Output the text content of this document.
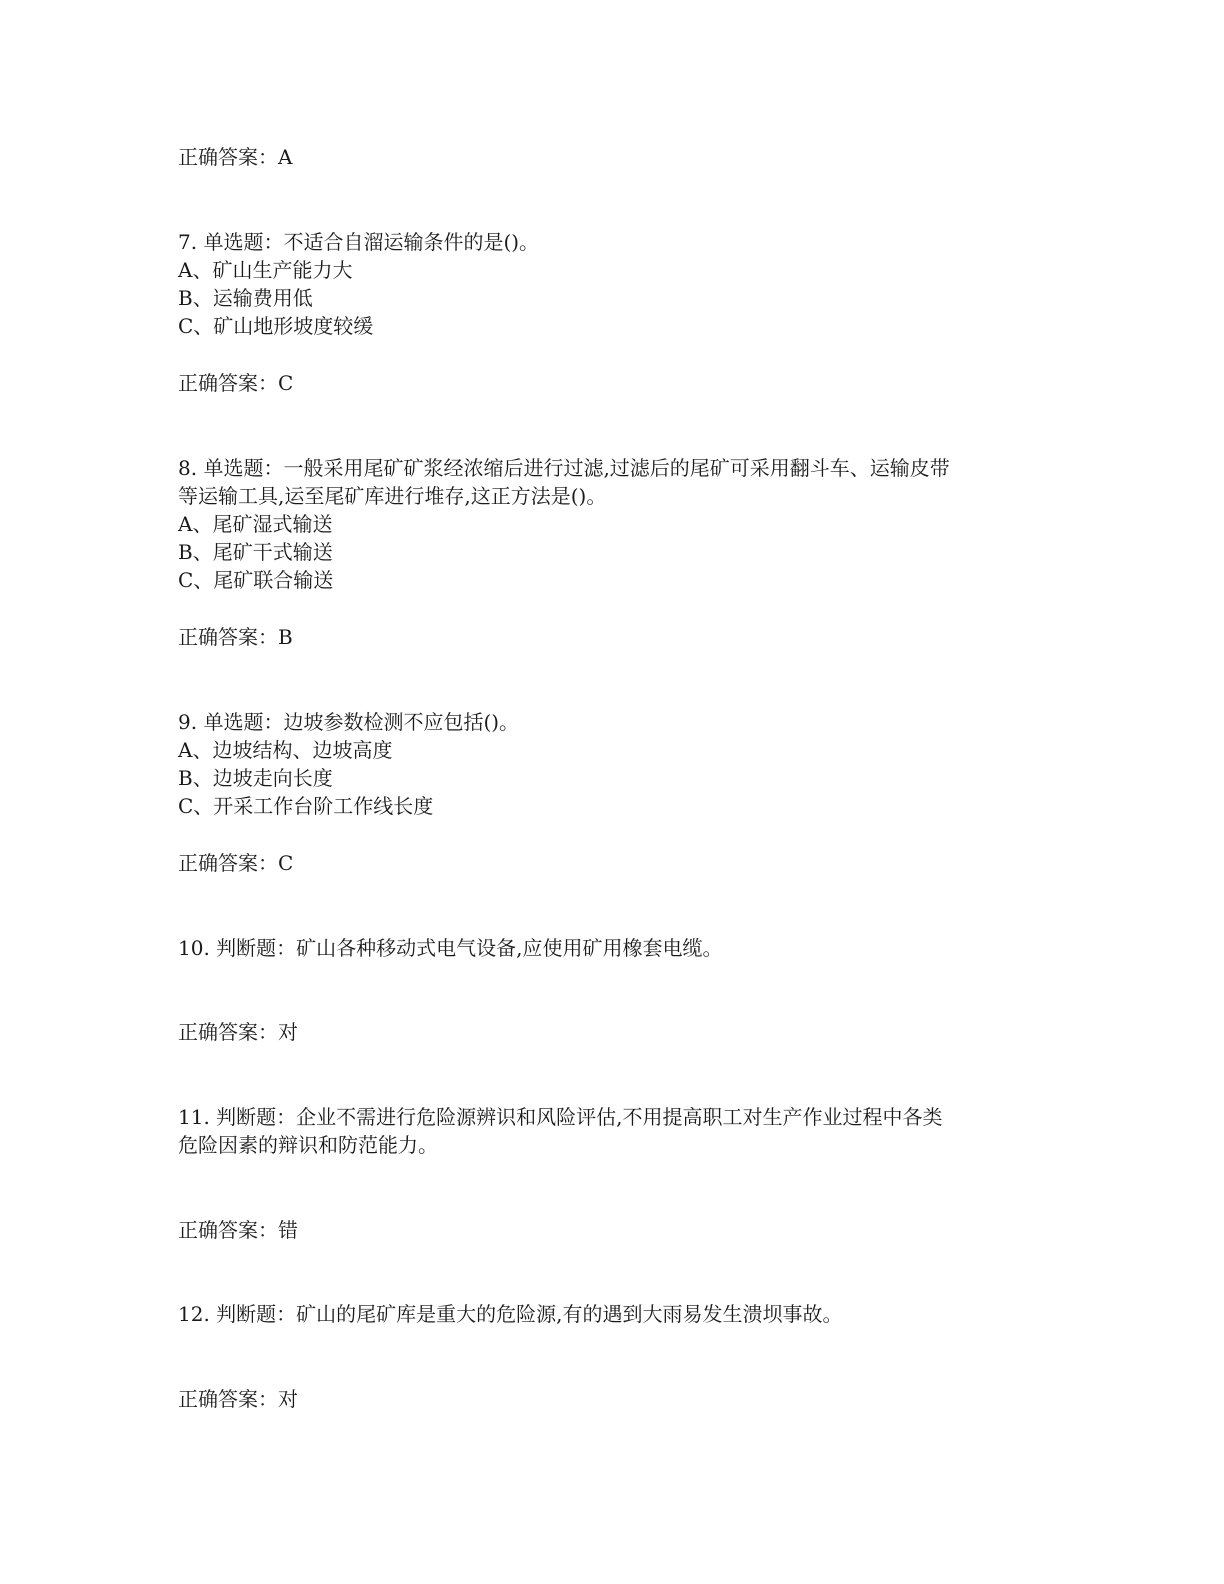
正确答案：A
7. 单选题：不适合自溜运输条件的是()。
A、矿山生产能力大
B、运输费用低
C、矿山地形坡度较缓
正确答案：C
8. 单选题：一般采用尾矿矿浆经浓缩后进行过滤,过滤后的尾矿可采用翻斗车、运输皮带
等运输工具,运至尾矿库进行堆存,这正方法是()。
A、尾矿湿式输送
B、尾矿干式输送
C、尾矿联合输送
正确答案：B
9. 单选题：边坡参数检测不应包括()。
A、边坡结构、边坡高度
B、边坡走向长度
C、开采工作台阶工作线长度
正确答案：C
10. 判断题：矿山各种移动式电气设备,应使用矿用橡套电缆。
正确答案：对
11. 判断题：企业不需进行危险源辨识和风险评估,不用提高职工对生产作业过程中各类
危险因素的辩识和防范能力。
正确答案：错
12. 判断题：矿山的尾矿库是重大的危险源,有的遇到大雨易发生溃坝事故。
正确答案：对
